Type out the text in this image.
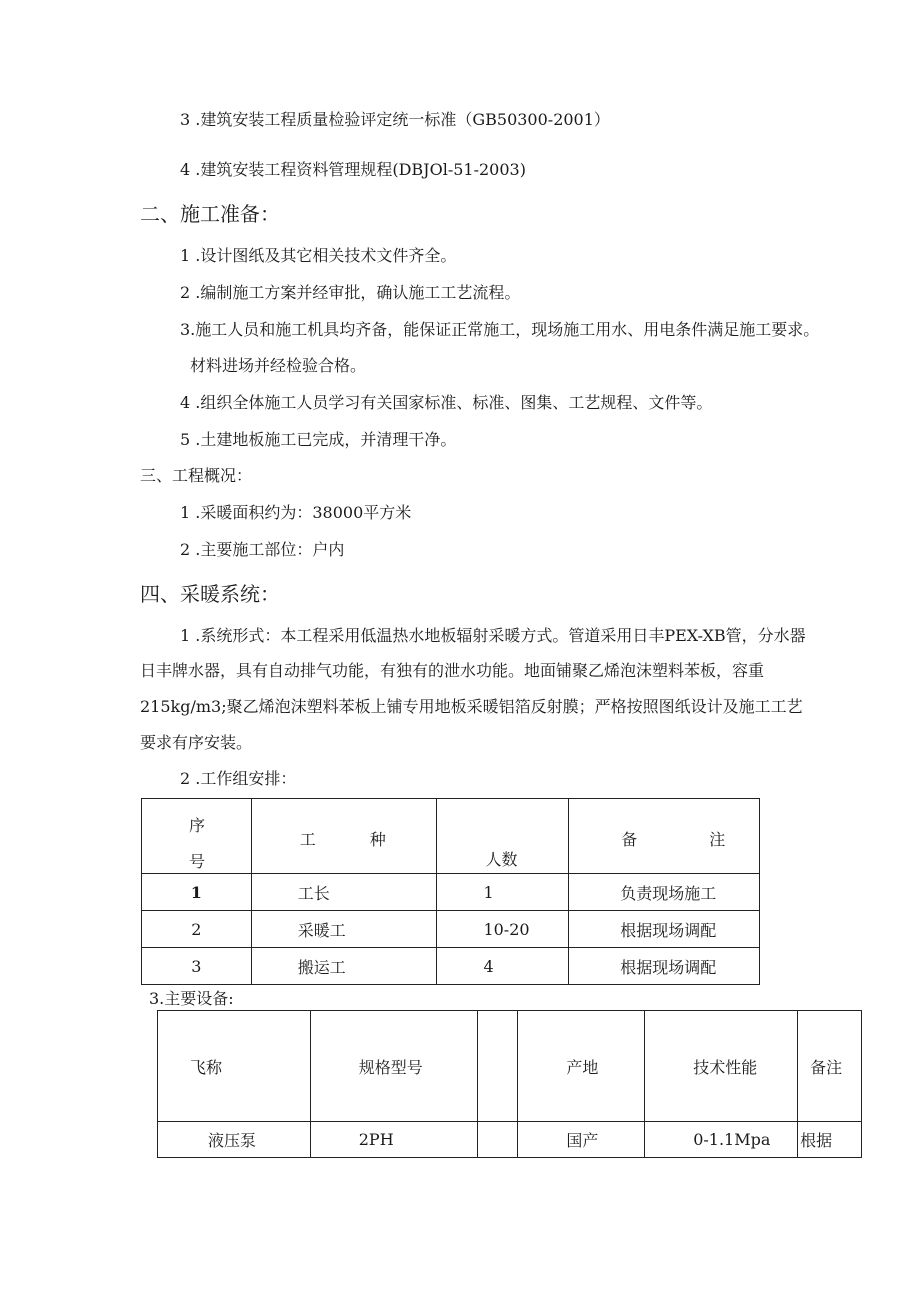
3 .建筑安装工程质量检验评定统一标准（GB50300-2001）
4 .建筑安装工程资料管理规程(DBJOl-51-2003)
二、施工准备：
1 .设计图纸及其它相关技术文件齐全。
2 .编制施工方案并经审批，确认施工工艺流程。
3.施工人员和施工机具均齐备，能保证正常施工，现场施工用水、用电条件满足施工要求。
材料进场并经检验合格。
4 .组织全体施工人员学习有关国家标准、标准、图集、工艺规程、文件等。
5 .土建地板施工已完成，并清理干净。
三、工程概况：
1 .采暖面积约为：38000平方米
2 .主要施工部位：户内
四、采暖系统：
1 .系统形式：本工程采用低温热水地板辐射采暖方式。管道采用日丰PEX-XB管，分水器
日丰牌水器，具有自动排气功能，有独有的泄水功能。地面铺聚乙烯泡沫塑料苯板，容重
215kg∕m3;聚乙烯泡沫塑料苯板上铺专用地板采暖铝箔反射膜；严格按照图纸设计及施工工艺
要求有序安装。
2 .工作组安排：
序
号	工 种	人数	备 注

1	工长	1	负责现场施工
2	采暖工	10-20	根据现场调配
3	搬运工	4	根据现场调配
3.主要设备:
飞称	规格型号		产地	技术性能	备注
液压泵	2PH		国产	0-1.1Mpa	根据
